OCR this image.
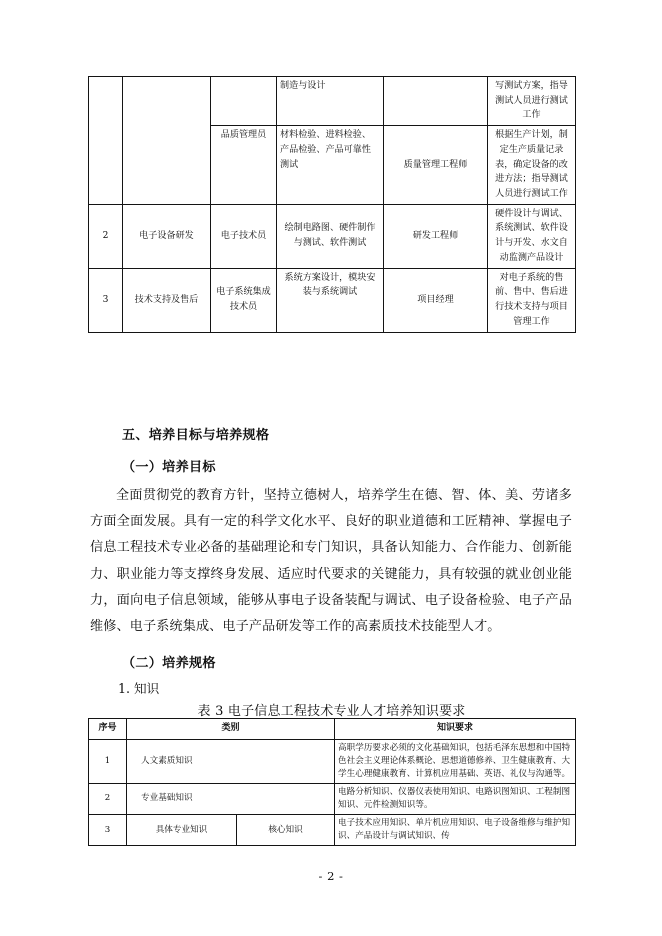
			制造与设计		写测试方案，指导测试人员进行测试工作
		品质管理员	材料检验、进料检验、产品检验、产品可靠性测试	质量管理工程师	根据生产计划，制定生产质量记录表，确定设备的改进方法；指导测试人员进行测试工作
2	电子设备研发	电子技术员	绘制电路图、硬件制作与测试、软件测试	研发工程师	硬件设计与调试、系统测试、软件设计与开发、水文自动监测产品设计
3	技术支持及售后	电子系统集成技术员	系统方案设计，模块安装与系统调试	项目经理	对电子系统的售前、售中、售后进行技术支持与项目管理工作
五、培养目标与培养规格
（一）培养目标
全面贯彻党的教育方针，坚持立德树人，培养学生在德、智、体、美、劳诸多方面全面发展。具有一定的科学文化水平、良好的职业道德和工匠精神、掌握电子信息工程技术专业必备的基础理论和专门知识，具备认知能力、合作能力、创新能力、职业能力等支撑终身发展、适应时代要求的关键能力，具有较强的就业创业能力，面向电子信息领域，能够从事电子设备装配与调试、电子设备检验、电子产品维修、电子系统集成、电子产品研发等工作的高素质技术技能型人才。
（二）培养规格
1. 知识
表 3 电子信息工程技术专业人才培养知识要求
序号	类别		知识要求
1	人文素质知识		高职学历要求必须的文化基础知识，包括毛泽东思想和中国特色社会主义理论体系概论、思想道德修养、卫生健康教育、大学生心理健康教育、计算机应用基础、英语、礼仪与沟通等。
2	专业基础知识		电路分析知识、仪器仪表使用知识、电路识图知识、工程制图知识、元件检测知识等。
3	具体专业知识	核心知识	电子技术应用知识、单片机应用知识、电子设备维修与维护知识、产品设计与调试知识、传
- 2 -
